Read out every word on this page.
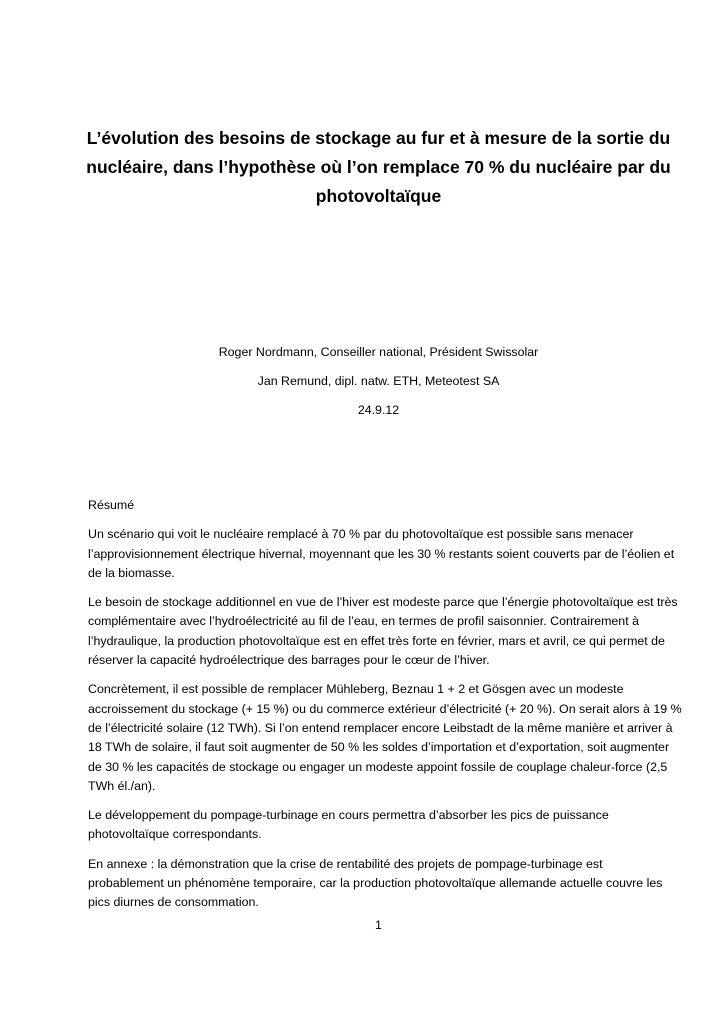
L’évolution des besoins de stockage au fur et à mesure de la sortie du
nucléaire, dans l’hypothèse où l’on remplace 70 % du nucléaire par du
photovoltaïque
Roger Nordmann, Conseiller national, Président Swissolar
Jan Remund, dipl. natw. ETH, Meteotest SA
24.9.12
Résumé
Un scénario qui voit le nucléaire remplacé à 70 % par du photovoltaïque est possible sans menacer
l’approvisionnement électrique hivernal, moyennant que les 30 % restants soient couverts par de l’éolien et
de la biomasse.
Le besoin de stockage additionnel en vue de l’hiver est modeste parce que l’énergie photovoltaïque est très
complémentaire avec l’hydroélectricité au fil de l’eau, en termes de profil saisonnier. Contrairement à
l’hydraulique, la production photovoltaïque est en effet très forte en février, mars et avril, ce qui permet de
réserver la capacité hydroélectrique des barrages pour le cœur de l’hiver.
Concrètement, il est possible de remplacer Mühleberg, Beznau 1 + 2 et Gösgen avec un modeste
accroissement du stockage (+ 15 %) ou du commerce extérieur d’électricité (+ 20 %). On serait alors à 19 %
de l’électricité solaire (12 TWh). Si l’on entend remplacer encore Leibstadt de la même manière et arriver à
18 TWh de solaire, il faut soit augmenter de 50 % les soldes d’importation et d’exportation, soit augmenter
de 30 % les capacités de stockage ou engager un modeste appoint fossile de couplage chaleur-force (2,5
TWh él./an).
Le développement du pompage-turbinage en cours permettra d’absorber les pics de puissance
photovoltaïque correspondants.
En annexe : la démonstration que la crise de rentabilité des projets de pompage-turbinage est
probablement un phénomène temporaire, car la production photovoltaïque allemande actuelle couvre les
pics diurnes de consommation.
1
